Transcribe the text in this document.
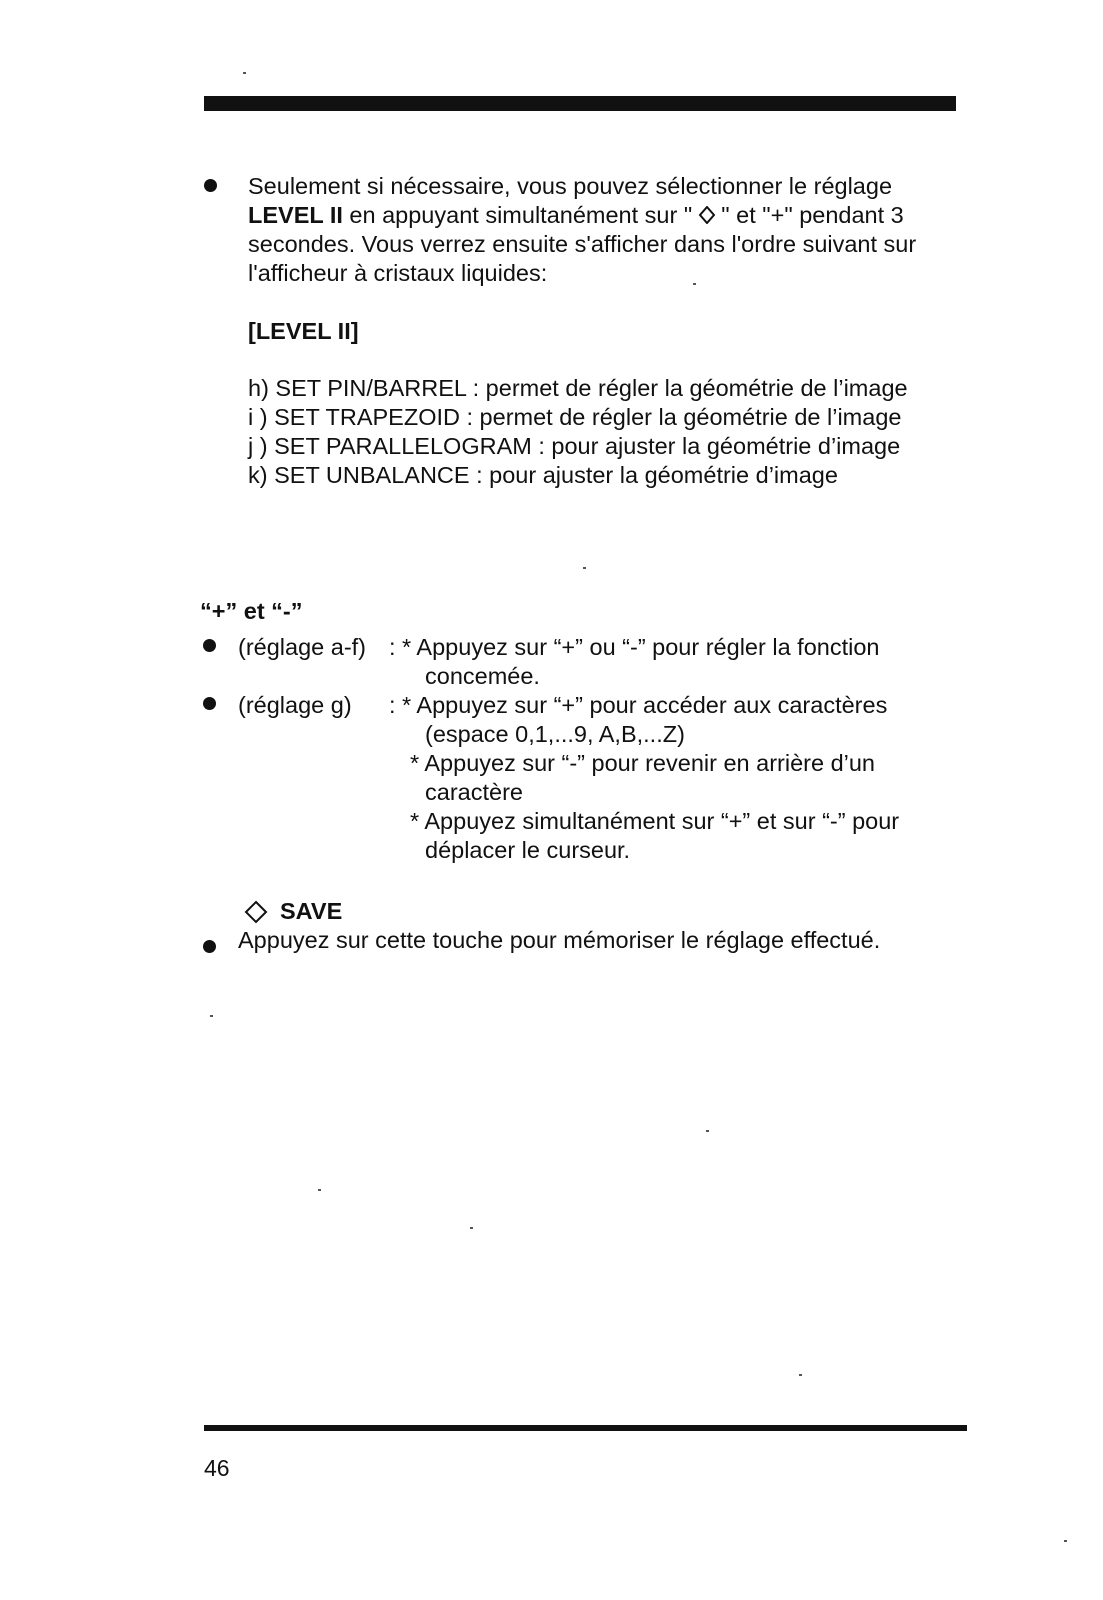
Seulement si nécessaire, vous pouvez sélectionner le réglage
LEVEL II en appuyant simultanément sur "  " et "+" pendant 3
secondes. Vous verrez ensuite s'afficher dans l'ordre suivant sur
l'afficheur à cristaux liquides:
[LEVEL II]
h) SET PIN/BARREL : permet de régler la géométrie de l’image
i ) SET TRAPEZOID : permet de régler la géométrie de l’image
j ) SET PARALLELOGRAM : pour ajuster la géométrie d’image
k) SET UNBALANCE : pour ajuster la géométrie d’image
“+” et “-”
(réglage a-f) : * Appuyez sur “+” ou “-” pour régler la fonction
concemée.
(réglage g) : * Appuyez sur “+” pour accéder aux caractères
(espace 0,1,...9, A,B,...Z)
* Appuyez sur “-” pour revenir en arrière d’un
caractère
* Appuyez simultanément sur “+” et sur “-” pour
déplacer le curseur.
SAVE
Appuyez sur cette touche pour mémoriser le réglage effectué.
46
